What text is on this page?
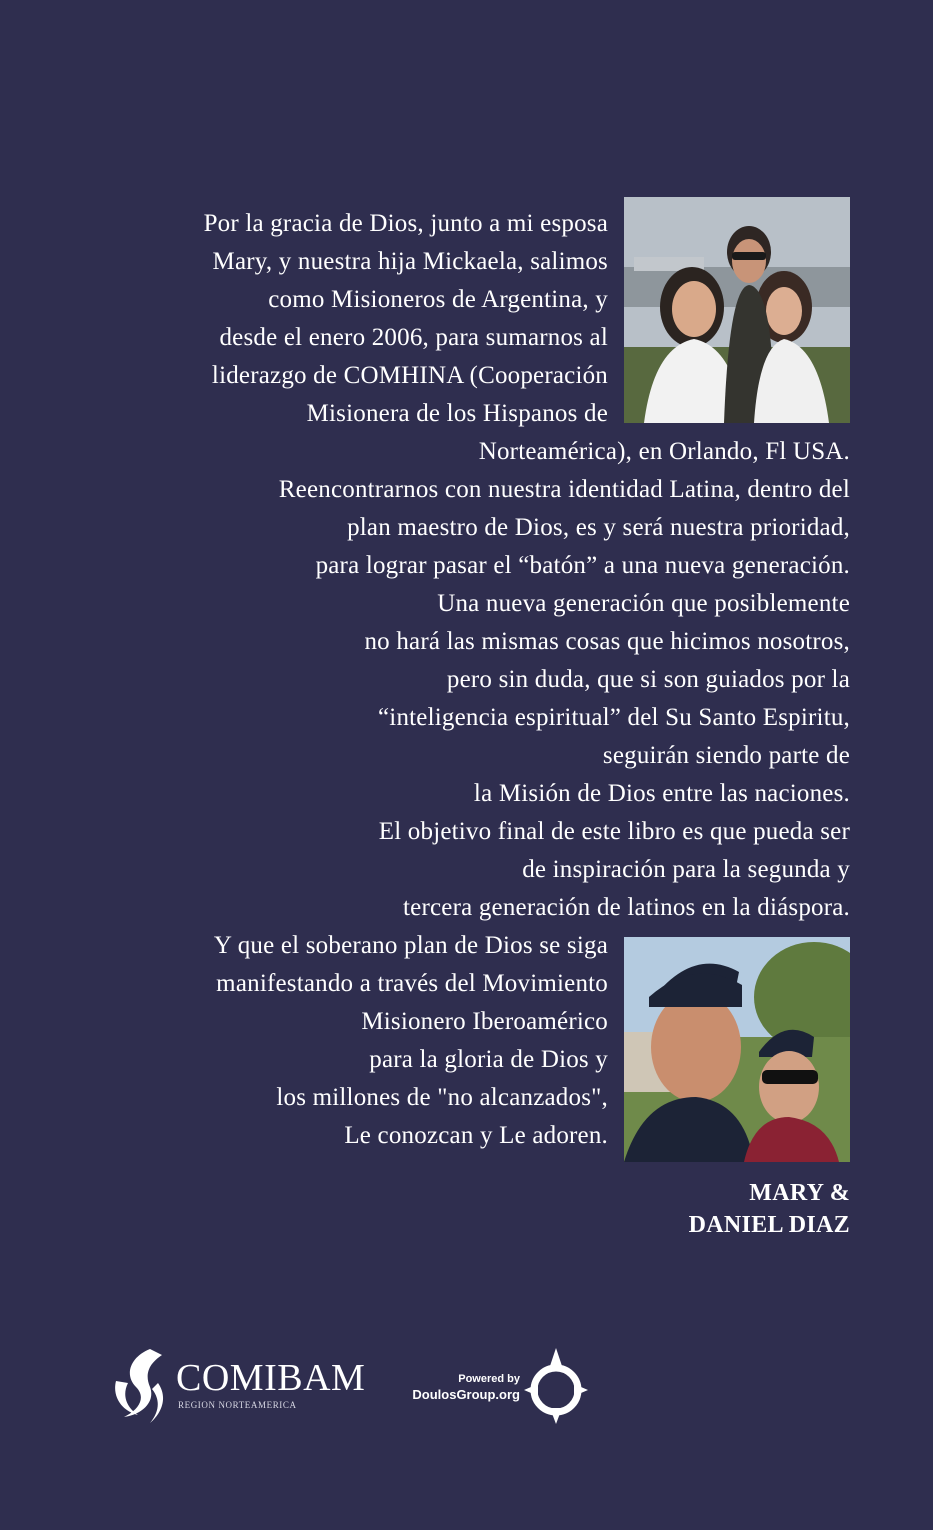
Por la gracia de Dios, junto a mi esposa
Mary, y nuestra hija Mickaela, salimos
como Misioneros de Argentina, y
desde el enero 2006, para sumarnos al
liderazgo de COMHINA (Cooperación
Misionera de los Hispanos de
Norteamérica), en Orlando, Fl USA.
Reencontrarnos con nuestra identidad Latina, dentro del
plan maestro de Dios, es y será nuestra prioridad,
para lograr pasar el “batón” a una nueva generación.
Una nueva generación que posiblemente
no hará las mismas cosas que hicimos nosotros,
pero sin duda, que si son guiados por la
“inteligencia espiritual” del Su Santo Espiritu,
seguirán siendo parte de
la Misión de Dios entre las naciones.
El objetivo final de este libro es que pueda ser
de inspiración para la segunda y
tercera generación de latinos en la diáspora.
Y que el soberano plan de Dios se siga
manifestando a través del Movimiento
Misionero Iberoamérico
para la gloria de Dios y
los millones de "no alcanzados",
Le conozcan y Le adoren.
MARY &
DANIEL DIAZ
COMIBAM
REGION NORTEAMERICA
Powered by
DoulosGroup.org
